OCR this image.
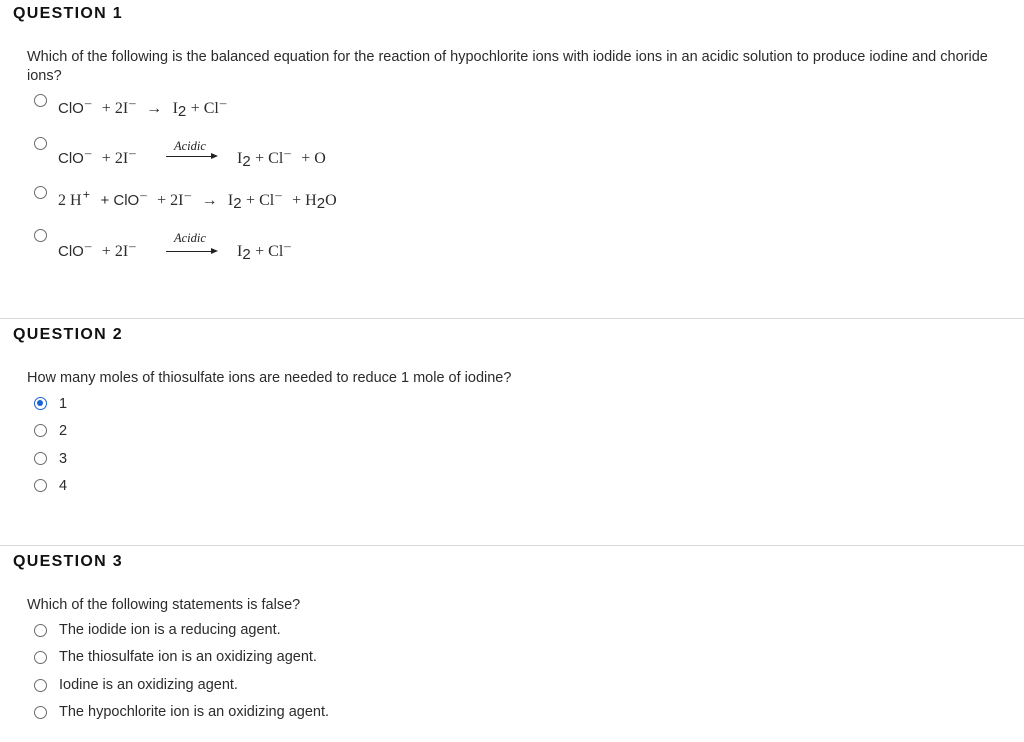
QUESTION 1
Which of the following is the balanced equation for the reaction of hypochlorite ions with iodide ions in an acidic solution to produce iodine and choride ions?
ClO– + 2I– → I2 + Cl–
Acidic
ClO– + 2I–	I2 + Cl– + O
2 H+ + ClO– + 2I– → I2 + Cl– + H2O
Acidic
ClO– + 2I–	I2 + Cl–
QUESTION 2
How many moles of thiosulfate ions are needed to reduce 1 mole of iodine?
1
2
3
4
QUESTION 3
Which of the following statements is false?
The iodide ion is a reducing agent.
The thiosulfate ion is an oxidizing agent.
Iodine is an oxidizing agent.
The hypochlorite ion is an oxidizing agent.
